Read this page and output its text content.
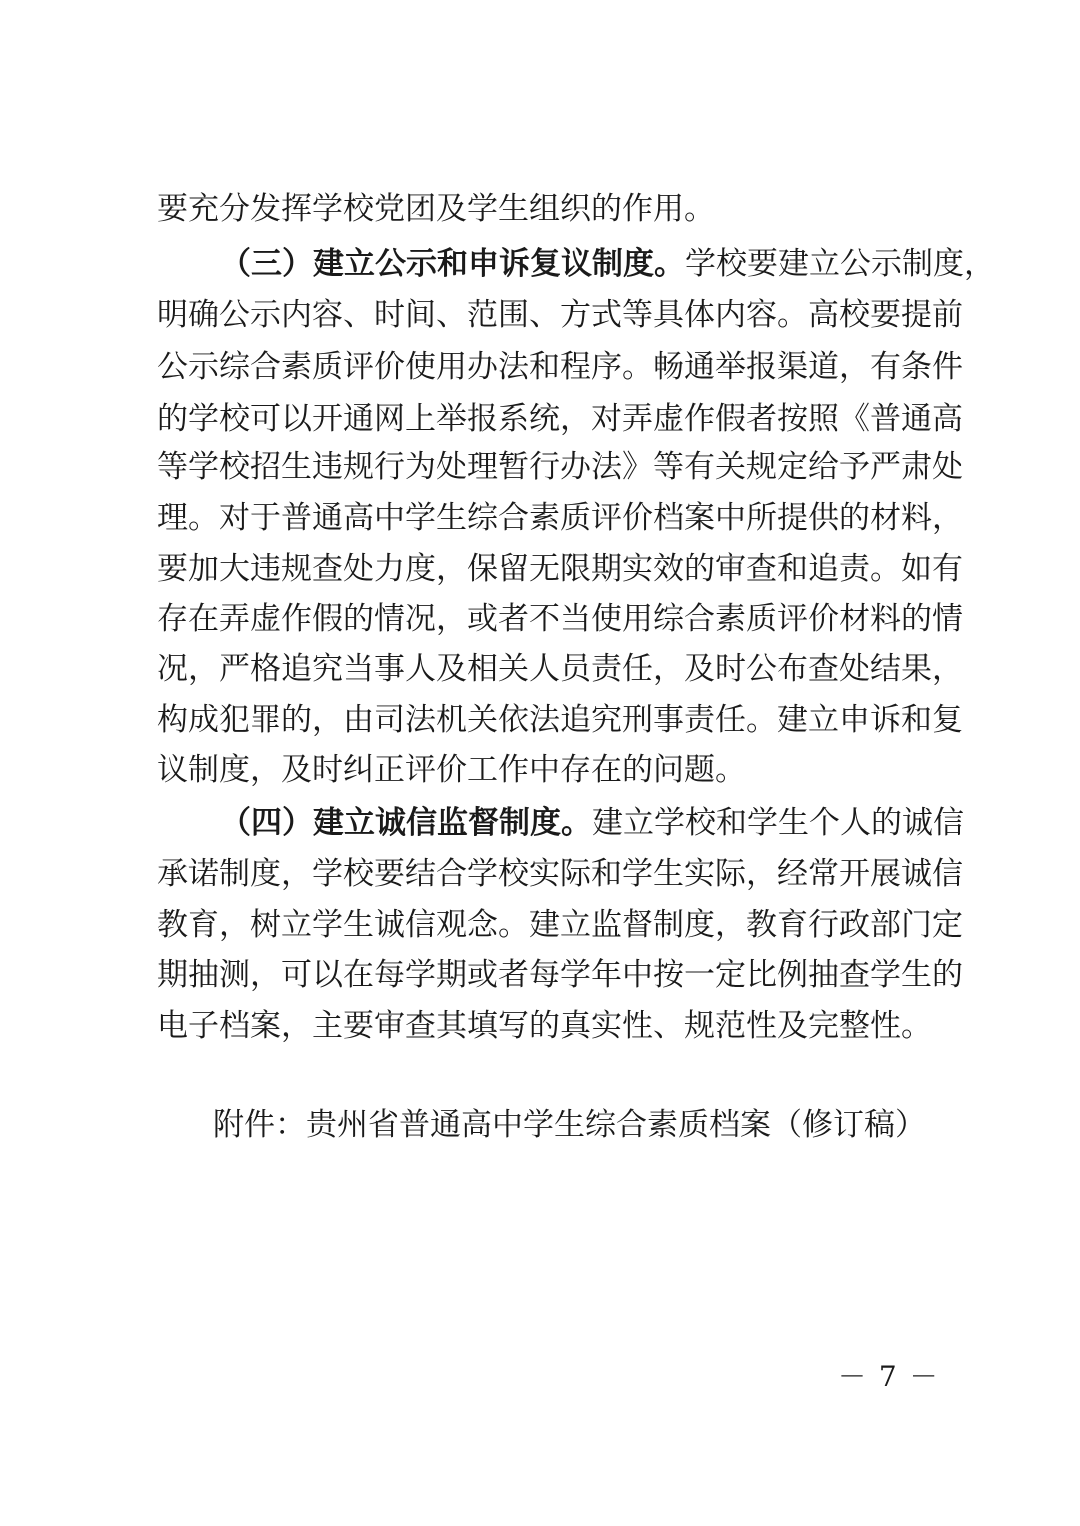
要充分发挥学校党团及学生组织的作用。
（三）建立公示和申诉复议制度。学校要建立公示制度，
明确公示内容、时间、范围、方式等具体内容。高校要提前
公示综合素质评价使用办法和程序。畅通举报渠道，有条件
的学校可以开通网上举报系统，对弄虚作假者按照《普通高
等学校招生违规行为处理暂行办法》等有关规定给予严肃处
理。对于普通高中学生综合素质评价档案中所提供的材料，
要加大违规查处力度，保留无限期实效的审查和追责。如有
存在弄虚作假的情况，或者不当使用综合素质评价材料的情
况，严格追究当事人及相关人员责任，及时公布查处结果，
构成犯罪的，由司法机关依法追究刑事责任。建立申诉和复
议制度，及时纠正评价工作中存在的问题。
（四）建立诚信监督制度。建立学校和学生个人的诚信
承诺制度，学校要结合学校实际和学生实际，经常开展诚信
教育，树立学生诚信观念。建立监督制度，教育行政部门定
期抽测，可以在每学期或者每学年中按一定比例抽查学生的
电子档案，主要审查其填写的真实性、规范性及完整性。
附件：贵州省普通高中学生综合素质档案（修订稿）
－ 7 －
